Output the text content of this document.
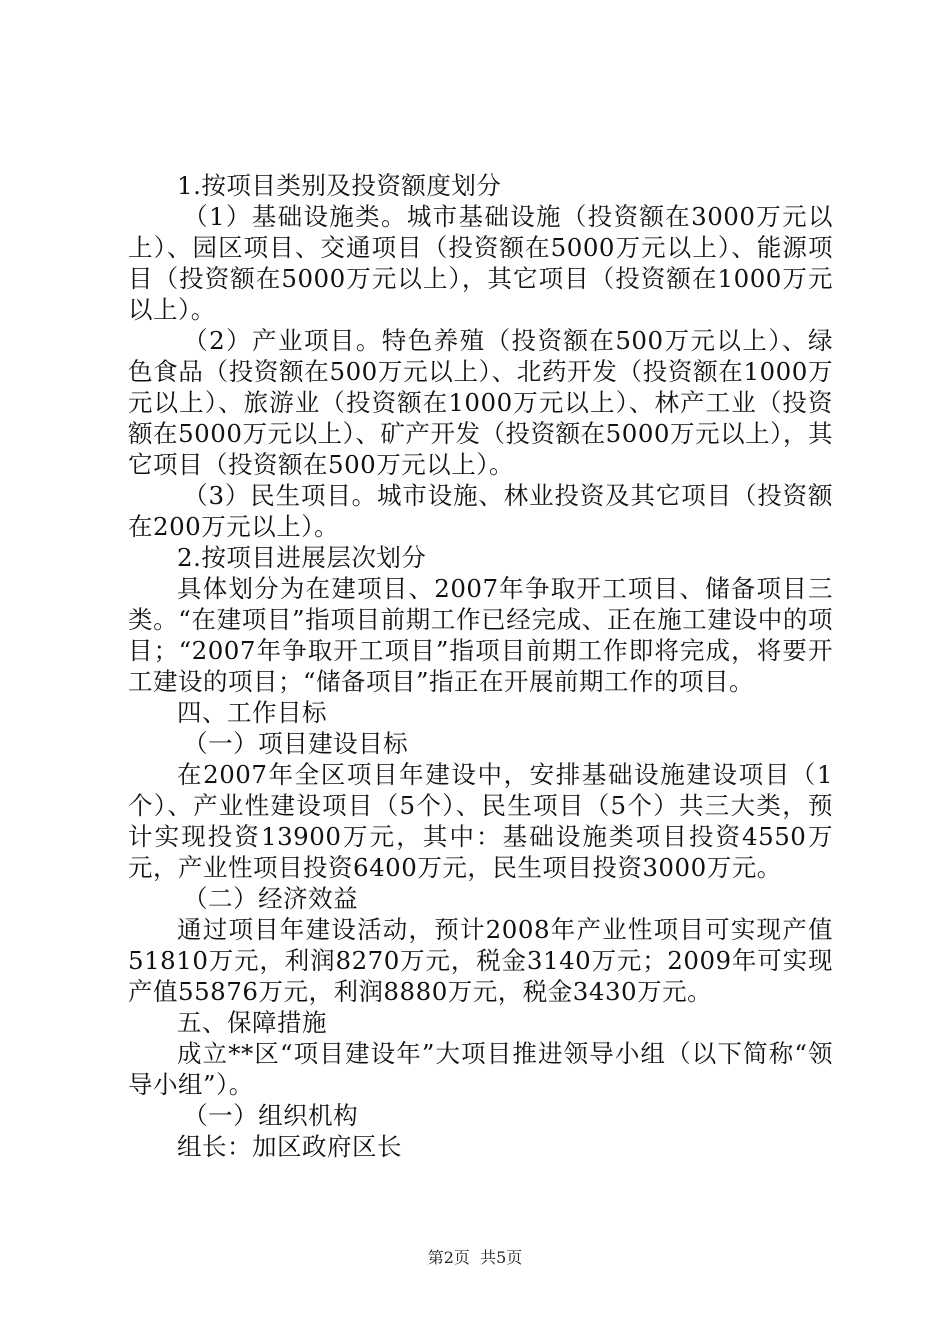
1.按项目类别及投资额度划分

（1）基础设施类。城市基础设施（投资额在3000万元以上）、园区项目、交通项目（投资额在5000万元以上）、能源项目（投资额在5000万元以上），其它项目（投资额在1000万元以上）。

（2）产业项目。特色养殖（投资额在500万元以上）、绿色食品（投资额在500万元以上）、北药开发（投资额在1000万元以上）、旅游业（投资额在1000万元以上）、林产工业（投资额在5000万元以上）、矿产开发（投资额在5000万元以上），其它项目（投资额在500万元以上）。

（3）民生项目。城市设施、林业投资及其它项目（投资额在200万元以上）。

2.按项目进展层次划分

具体划分为在建项目、2007年争取开工项目、储备项目三类。“在建项目”指项目前期工作已经完成、正在施工建设中的项目；“2007年争取开工项目”指项目前期工作即将完成，将要开工建设的项目；“储备项目”指正在开展前期工作的项目。

四、工作目标

（一）项目建设目标

在2007年全区项目年建设中，安排基础设施建设项目（1个）、产业性建设项目（5个）、民生项目（5个）共三大类，预计实现投资13900万元，其中：基础设施类项目投资4550万元，产业性项目投资6400万元，民生项目投资3000万元。

（二）经济效益

通过项目年建设活动，预计2008年产业性项目可实现产值51810万元，利润8270万元，税金3140万元；2009年可实现产值55876万元，利润8880万元，税金3430万元。

五、保障措施

成立**区“项目建设年”大项目推进领导小组（以下简称“领导小组”）。

（一）组织机构

组长：加区政府区长

第2页  共5页
